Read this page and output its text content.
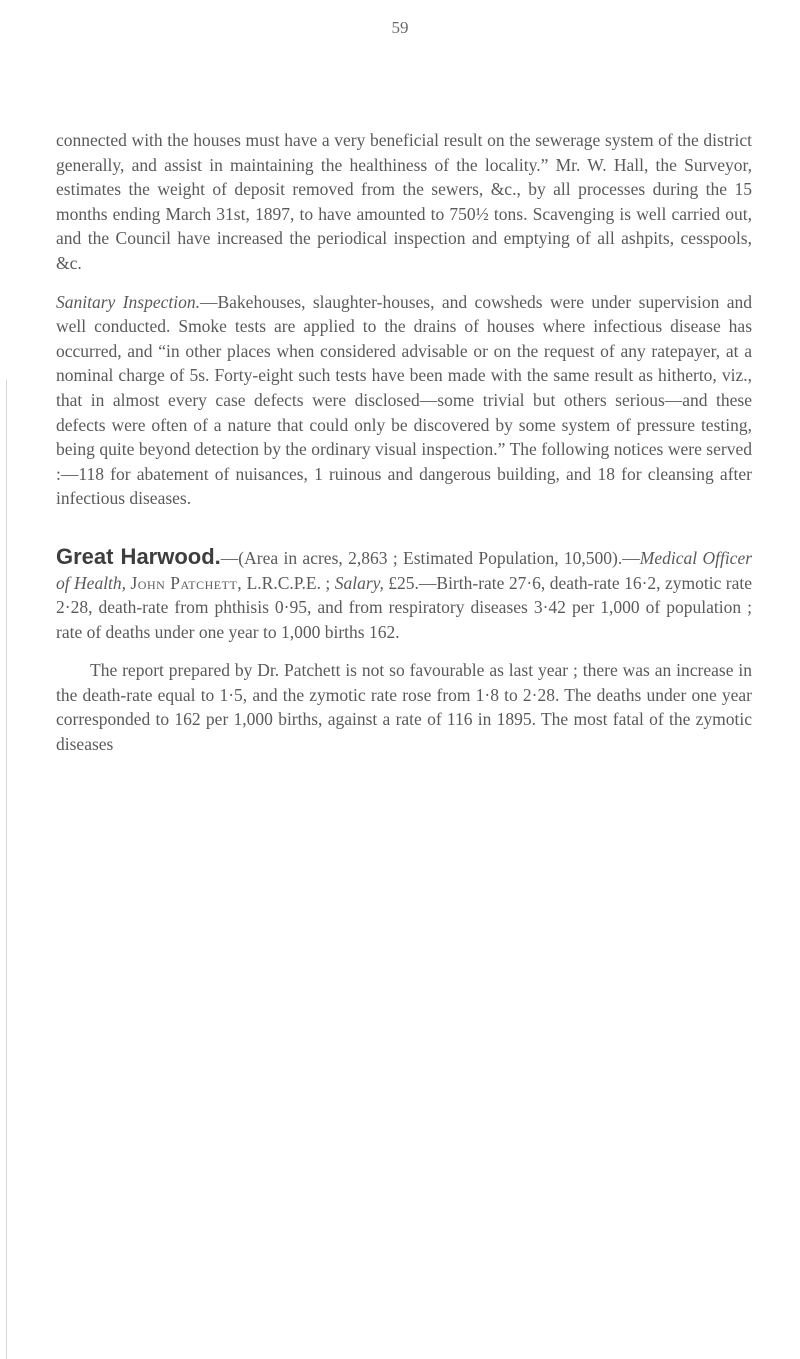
59

connected with the houses must have a very beneficial result on the sewerage system of the district generally, and assist in maintaining the healthiness of the locality.” Mr. W. Hall, the Surveyor, estimates the weight of deposit removed from the sewers, &c., by all processes during the 15 months ending March 31st, 1897, to have amounted to 750½ tons. Scavenging is well carried out, and the Council have increased the periodical inspection and emptying of all ashpits, cesspools, &c.

Sanitary Inspection.—Bakehouses, slaughter-houses, and cowsheds were under supervision and well conducted. Smoke tests are applied to the drains of houses where infectious disease has occurred, and “in other places when considered advisable or on the request of any ratepayer, at a nominal charge of 5s. Forty-eight such tests have been made with the same result as hitherto, viz., that in almost every case defects were disclosed—some trivial but others serious—and these defects were often of a nature that could only be discovered by some system of pressure testing, being quite beyond detection by the ordinary visual inspection.” The following notices were served :—118 for abatement of nuisances, 1 ruinous and dangerous building, and 18 for cleansing after infectious diseases.

Great Harwood.—(Area in acres, 2,863 ; Estimated Population, 10,500).—Medical Officer of Health, John Patchett, L.R.C.P.E. ; Salary, £25.—Birth-rate 27·6, death-rate 16·2, zymotic rate 2·28, death-rate from phthisis 0·95, and from respiratory diseases 3·42 per 1,000 of population ; rate of deaths under one year to 1,000 births 162.

The report prepared by Dr. Patchett is not so favourable as last year ; there was an increase in the death-rate equal to 1·5, and the zymotic rate rose from 1·8 to 2·28. The deaths under one year corresponded to 162 per 1,000 births, against a rate of 116 in 1895. The most fatal of the zymotic diseases
